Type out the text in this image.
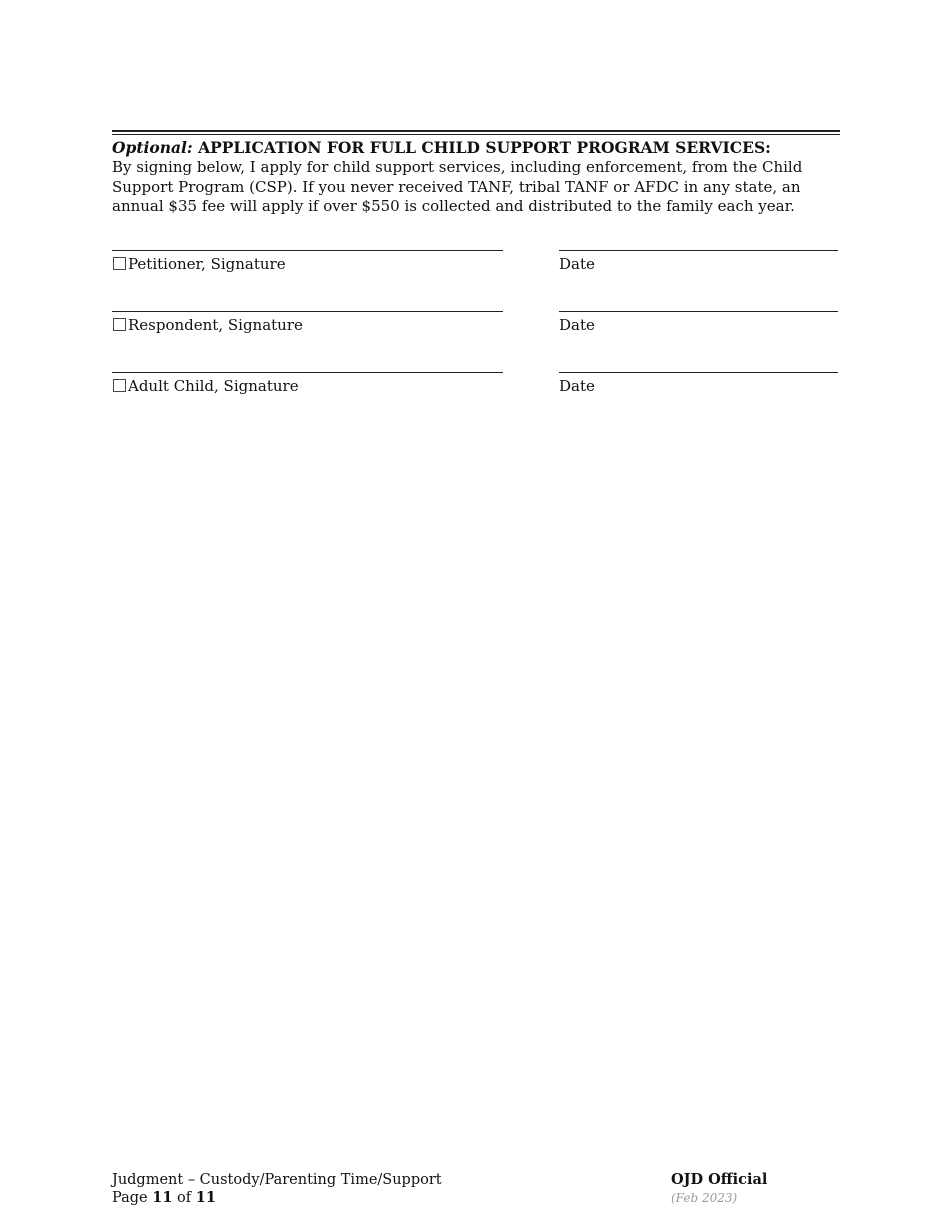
Optional: APPLICATION FOR FULL CHILD SUPPORT PROGRAM SERVICES:
By signing below, I apply for child support services, including enforcement, from the Child Support Program (CSP). If you never received TANF, tribal TANF or AFDC in any state, an annual $35 fee will apply if over $550 is collected and distributed to the family each year.
Petitioner, Signature	Date
Respondent, Signature	Date
Adult Child, Signature	Date
Judgment – Custody/Parenting Time/Support
Page 11 of 11
OJD Official
(Feb 2023)
